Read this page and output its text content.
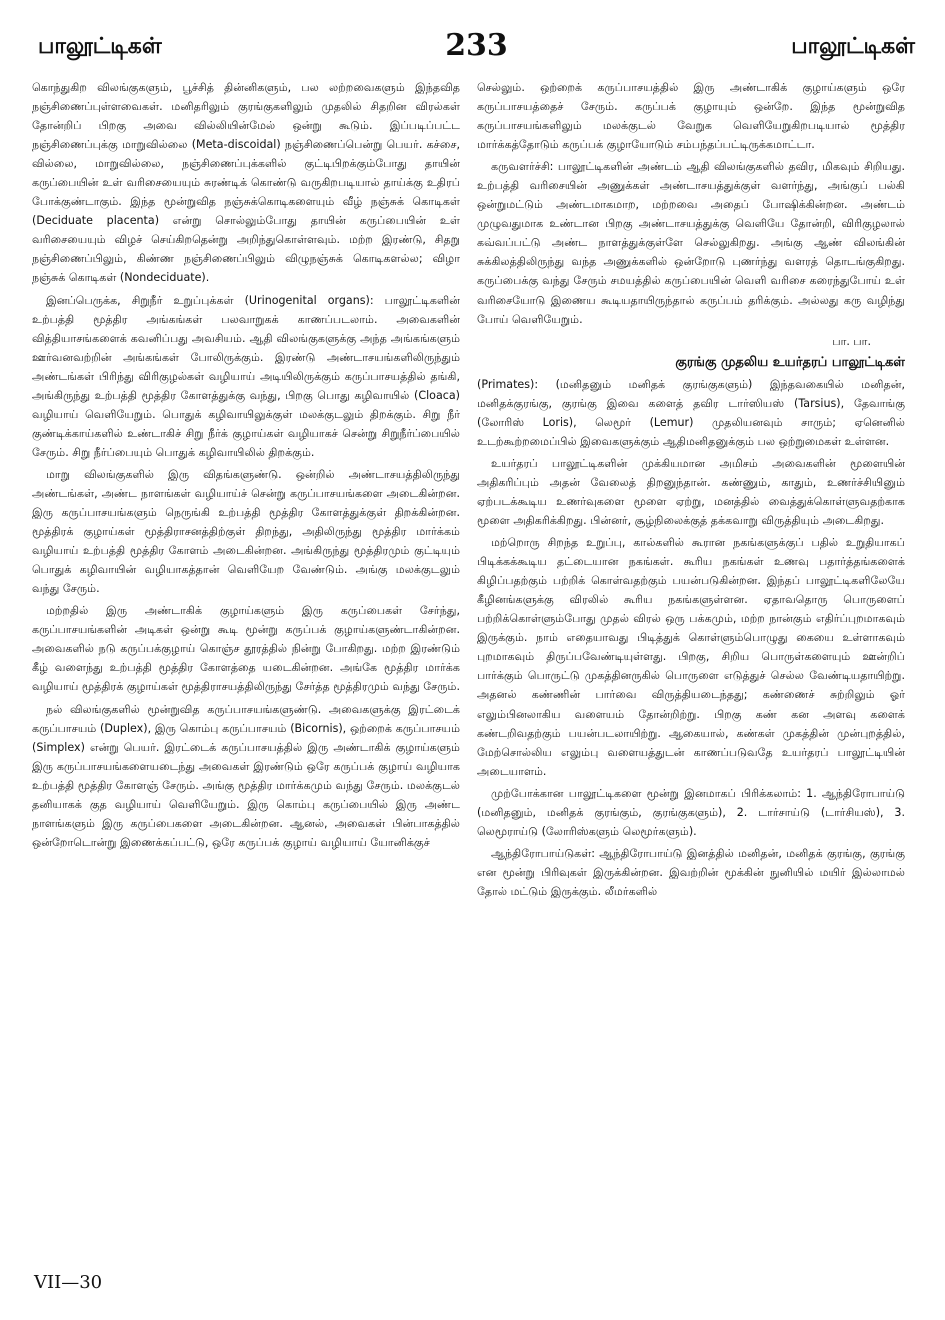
பாலூட்டிகள்	233	பாலூட்டிகள்

கொந்துகிற விலங்குகளும், பூச்சித் தின்னிகளும், பல லற்றவைகளும் இந்தவித நஞ்சிணைப்புள்ளவைகள். மனிதரிலும் குரங்குகளிலும் முதலில் சிதறின விரல்கள் தோன்றிப் பிறகு அவை வில்லியின்மேல் ஒன்று கூடும். இப்படிப்பட்ட நஞ்சிணைப்புக்கு மாறுவில்லை (Meta-discoidal) நஞ்சிணைப்பென்று பெயர். கச்சை, வில்லை, மாறுவில்லை, நஞ்சிணைப்புக்களில் குட்டிபிறக்கும்போது தாயின் கருப்பையின் உள் வரிசையையும் சுரண்டிக் கொண்டு வருகிறபடியால் தாய்க்கு உதிரப் போக்குண்டாகும். இந்த மூன்றுவித நஞ்சுக்கொடிகளையும் வீழ் நஞ்சுக் கொடிகள் (Deciduate placenta) என்று சொல்லும்போது தாயின் கருப்பையின் உள் வரிசையையும் விழச் செய்கிறதென்று அறிந்துகொள்ளவும். மற்ற இரண்டு, சிதறு நஞ்சிணைப்பிலும், கிண்ண நஞ்சிணைப்பிலும் விழுநஞ்சுக் கொடிகளல்ல; விழா நஞ்சுக் கொடிகள் (Nondeciduate).

இனப்பெருக்க, சிறுநீர் உறுப்புக்கள் (Urinogenital organs): பாலூட்டிகளின் உற்பத்தி மூத்திர அங்கங்கள் பலவாறுகக் காணப்படலாம். அவைகளின் வித்தியாசங்களைக் கவனிப்பது அவசியம். ஆதி விலங்குகளுக்கு அந்த அங்கங்களும் ஊர்வனவற்றின் அங்கங்கள் போலிருக்கும். இரண்டு அண்டாசயங்களிலிருந்தும் அண்டங்கள் பிரிந்து விரிகுழல்கள் வழியாய் அடியிலிருக்கும் கருப்பாசயத்தில் தங்கி, அங்கிருந்து உற்பத்தி மூத்திர கோளத்துக்கு வந்து, பிறகு பொது கழிவாயில் (Cloaca) வழியாய் வெளியேறும். பொதுக் கழிவாயிலுக்குள் மலக்குடலும் திறக்கும். சிறு நீர் குண்டிக்காய்களில் உண்டாகிச் சிறு நீர்க் குழாய்கள் வழியாகச் சென்று சிறுநீர்ப்பையில் சேரும். சிறு நீர்ப்பையும் பொதுக் கழிவாயிலில் திறக்கும்.

மாறு விலங்குகளில் இரு விதங்களுண்டு. ஒன்றில் அண்டாசயத்திலிருந்து அண்டங்கள், அண்ட நாளங்கள் வழியாய்ச் சென்று கருப்பாசயங்களை அடைகின்றன. இரு கருப்பாசயங்களும் நெருங்கி உற்பத்தி மூத்திர கோளத்துக்குள் திறக்கின்றன. மூத்திரக் குழாய்கள் மூத்திராசனத்திற்குள் திறந்து, அதிலிருந்து மூத்திர மார்க்கம் வழியாய் உற்பத்தி மூத்திர கோளம் அடைகின்றன. அங்கிருந்து மூத்திரமும் குட்டியும் பொதுக் கழிவாயின் வழியாகத்தான் வெளியேற வேண்டும். அங்கு மலக்குடலும் வந்து சேரும்.

மற்றதில் இரு அண்டாகிக் குழாய்களும் இரு கருப்பைகள் சேர்ந்து, கருப்பாசயங்களின் அடிகள் ஒன்று கூடி மூன்று கருப்பக் குழாய்களுண்டாகின்றன. அவைகளில் நடு கருப்பக்குழாய் கொஞ்ச தூரத்தில் நின்று போகிறது. மற்ற இரண்டும் கீழ் வளைந்து உற்பத்தி மூத்திர கோளத்தை யடைகின்றன. அங்கே மூத்திர மார்க்க வழியாய் மூத்திரக் குழாய்கள் மூத்திராசயத்திலிருந்து சேர்த்த மூத்திரமும் வந்து சேரும்.

நல் விலங்குகளில் மூன்றுவித கருப்பாசயங்களுண்டு. அவைகளுக்கு இரட்டைக் கருப்பாசயம் (Duplex), இரு கொம்பு கருப்பாசயம் (Bicornis), ஒற்றைக் கருப்பாசயம் (Simplex) என்று பெயர். இரட்டைக் கருப்பாசயத்தில் இரு அண்டாகிக் குழாய்களும் இரு கருப்பாசயங்களையடைந்து அவைகள் இரண்டும் ஒரே கருப்பக் குழாய் வழியாக உற்பத்தி மூத்திர கோளஞ் சேரும். அங்கு மூத்திர மார்க்கமும் வந்து சேரும். மலக்குடல் தனியாகக் குத வழியாய் வெளியேறும். இரு கொம்பு கருப்பையில் இரு அண்ட நாளங்களும் இரு கருப்பைகளை அடைகின்றன. ஆனல், அவைகள் பின்பாகத்தில் ஒன்றோடொன்று இணைக்கப்பட்டு, ஒரே கருப்பக் குழாய் வழியாய் யோனிக்குச்

செல்லும். ஒற்றைக் கருப்பாசயத்தில் இரு அண்டாகிக் குழாய்களும் ஒரே கருப்பாசயத்தைச் சேரும். கருப்பக் குழாயும் ஒன்றே. இந்த மூன்றுவித கருப்பாசயங்களிலும் மலக்குடல் வேறுக வெளியேறுகிறபடியால் மூத்திர மார்க்கத்தோடும் கருப்பக் குழாயோடும் சம்பந்தப்பட்டிருக்கமாட்டா.

கருவளர்ச்சி: பாலூட்டிகளின் அண்டம் ஆதி விலங்குகளில் தவிர, மிகவும் சிறியது. உற்பத்தி வரிசையின் அணுக்கள் அண்டாசயத்துக்குள் வளர்ந்து, அங்குப் பல்கி ஒன்றுமட்டும் அண்டமாகமாற, மற்றவை அதைப் போஷிக்கின்றன. அண்டம் முழுவதுமாக உண்டான பிறகு அண்டாசயத்துக்கு வெளியே தோன்றி, விரிகுழலால் கவ்வப்பட்டு அண்ட நாளத்துக்குள்ளே செல்லுகிறது. அங்கு ஆண் விலங்கின் சுக்கிலத்திலிருந்து வந்த அணுக்களில் ஒன்றோடு புணர்ந்து வளரத் தொடங்குகிறது. கருப்பைக்கு வந்து சேரும் சமயத்தில் கருப்பையின் வெளி வரிசை கரைந்துபோய் உள் வரிசையோடு இணைய கூடியதாயிருந்தால் கருப்பம் தரிக்கும். அல்லது கரு வழிந்து போய் வெளியேறும்.

பா. பா.

குரங்கு முதலிய உயர்தரப் பாலூட்டிகள்

(Primates): (மனிதனும் மனிதக் குரங்குகளும்) இந்தவகையில் மனிதன், மனிதக்குரங்கு, குரங்கு இவை களைத் தவிர டார்ஸியஸ் (Tarsius), தேவாங்கு (லோரிஸ் Loris), லெமூர் (Lemur) முதலியனவும் சாரும்; ஏனெனில் உடற்கூற்றமைப்பில் இவைகளுக்கும் ஆதிமனிதனுக்கும் பல ஒற்றுமைகள் உள்ளன.

உயர்தரப் பாலூட்டிகளின் முக்கியமான அமிசம் அவைகளின் மூளையின் அதிகரிப்பும் அதன் வேலைத் திறனுந்தான். கண்ணும், காதும், உணர்ச்சியினும் ஏற்படக்கூடிய உணர்வுகளை மூளை ஏற்று, மனத்தில் வைத்துக்கொள்ளுவதற்காக மூளை அதிகரிக்கிறது. பின்னர், சூழ்நிலைக்குத் தக்கவாறு விருத்தியும் அடைகிறது.

மற்றொரு சிறந்த உறுப்பு, கால்களில் கூரான நகங்களுக்குப் பதில் உறுதியாகப் பிடிக்கக்கூடிய தட்டையான நகங்கள். கூரிய நகங்கள் உணவு பதார்த்தங்களைக் கிழிப்பதற்கும் பற்றிக் கொள்வதற்கும் பயன்படுகின்றன. இந்தப் பாலூட்டிகளிலேயே கீழினங்களுக்கு விரலில் கூரிய நகங்களுள்ளன. ஏதாவதொரு பொருளைப் பற்றிக்கொள்ளும்போது முதல் விரல் ஒரு பக்கமும், மற்ற நான்கும் எதிர்ப்புறமாகவும் இருக்கும். நாம் எதையாவது பிடித்துக் கொள்ளும்பொழுது கையை உள்ளாகவும் புறமாகவும் திருப்பவேண்டியுள்ளது. பிறகு, சிறிய பொருள்களையும் ஊன்றிப் பார்க்கும் பொருட்டு முகத்தினருகில் பொருளை எடுத்துச் செல்ல வேண்டியதாயிற்று. அதனல் கண்ணின் பார்வை விருத்தியடைந்தது; கண்ணைச் சுற்றிலும் ஓர் எலும்பினலாகிய வளையம் தோன்றிற்று. பிறகு கண் கன அளவு களைக் கண்டறிவதற்கும் பயன்படலாயிற்று. ஆகையால், கண்கள் முகத்தின் முன்புறத்தில், மேற்சொல்லிய எலும்பு வளையத்துடன் காணப்படுவதே உயர்தரப் பாலூட்டியின் அடையாளம்.

முற்போக்கான பாலூட்டிகளை மூன்று இனமாகப் பிரிக்கலாம்: 1. ஆந்திரோபாய்டு (மனிதனும், மனிதக் குரங்கும், குரங்குகளும்), 2. டார்சாய்டு (டார்சியஸ்), 3. லெமூராய்டு (லோரிஸ்களும் லெமூர்களும்).

ஆந்திரோபாய்டுகள்: ஆந்திரோபாய்டு இனத்தில் மனிதன், மனிதக் குரங்கு, குரங்கு என மூன்று பிரிவுகள் இருக்கின்றன. இவற்றின் மூக்கின் நுனியில் மயிர் இல்லாமல் தோல் மட்டும் இருக்கும். லீமர்களில்

VII—30
